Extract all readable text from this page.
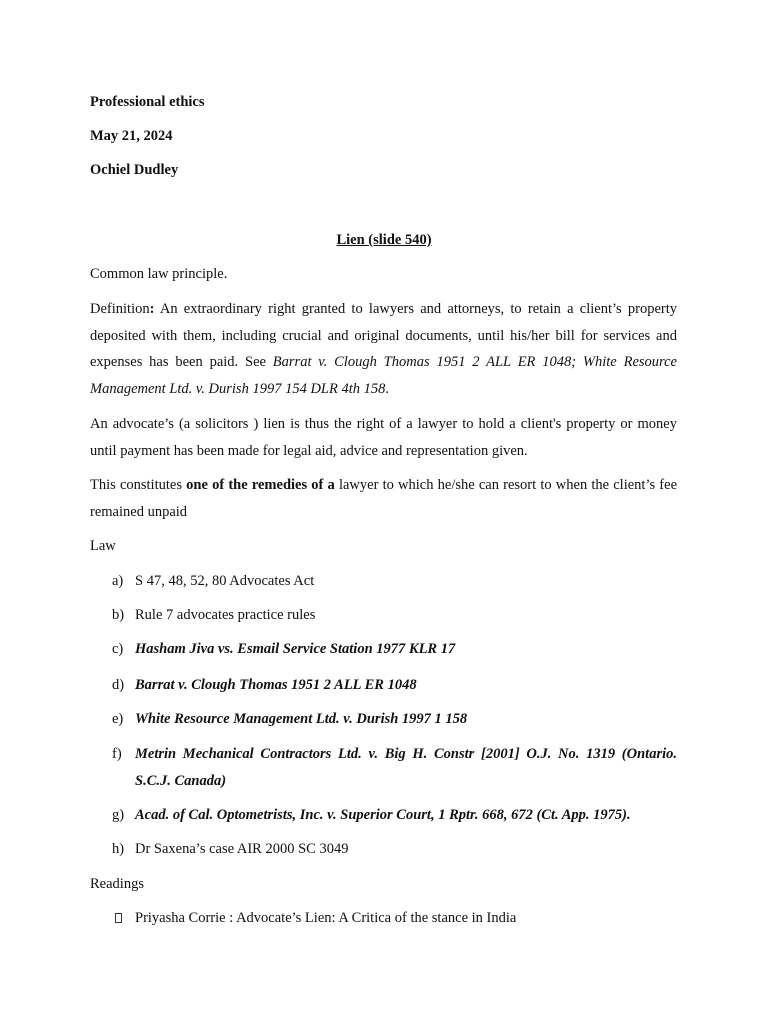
Professional ethics
May 21, 2024
Ochiel Dudley
Lien (slide 540)
Common law principle.
Definition: An extraordinary right granted to lawyers and attorneys, to retain a client’s property deposited with them, including crucial and original documents, until his/her bill for services and expenses has been paid. See Barrat v. Clough Thomas 1951 2 ALL ER 1048; White Resource Management Ltd. v. Durish 1997 154 DLR 4th 158.
An advocate’s (a solicitors ) lien is thus the right of a lawyer to hold a client's property or money until payment has been made for legal aid, advice and representation given.
This constitutes one of the remedies of a lawyer to which he/she can resort to when the client’s fee remained unpaid
Law
a) S 47, 48, 52, 80 Advocates Act
b) Rule 7 advocates practice rules
c) Hasham Jiva vs. Esmail Service Station 1977 KLR 17
d) Barrat v. Clough Thomas 1951 2 ALL ER 1048
e) White Resource Management Ltd. v. Durish 1997 1 158
f) Metrin Mechanical Contractors Ltd. v. Big H. Constr [2001] O.J. No. 1319 (Ontario. S.C.J. Canada)
g) Acad. of Cal. Optometrists, Inc. v. Superior Court, 1 Rptr. 668, 672 (Ct. App. 1975).
h) Dr Saxena’s case AIR 2000 SC 3049
Readings
Priyasha Corrie : Advocate’s Lien: A Critica of the stance in India
